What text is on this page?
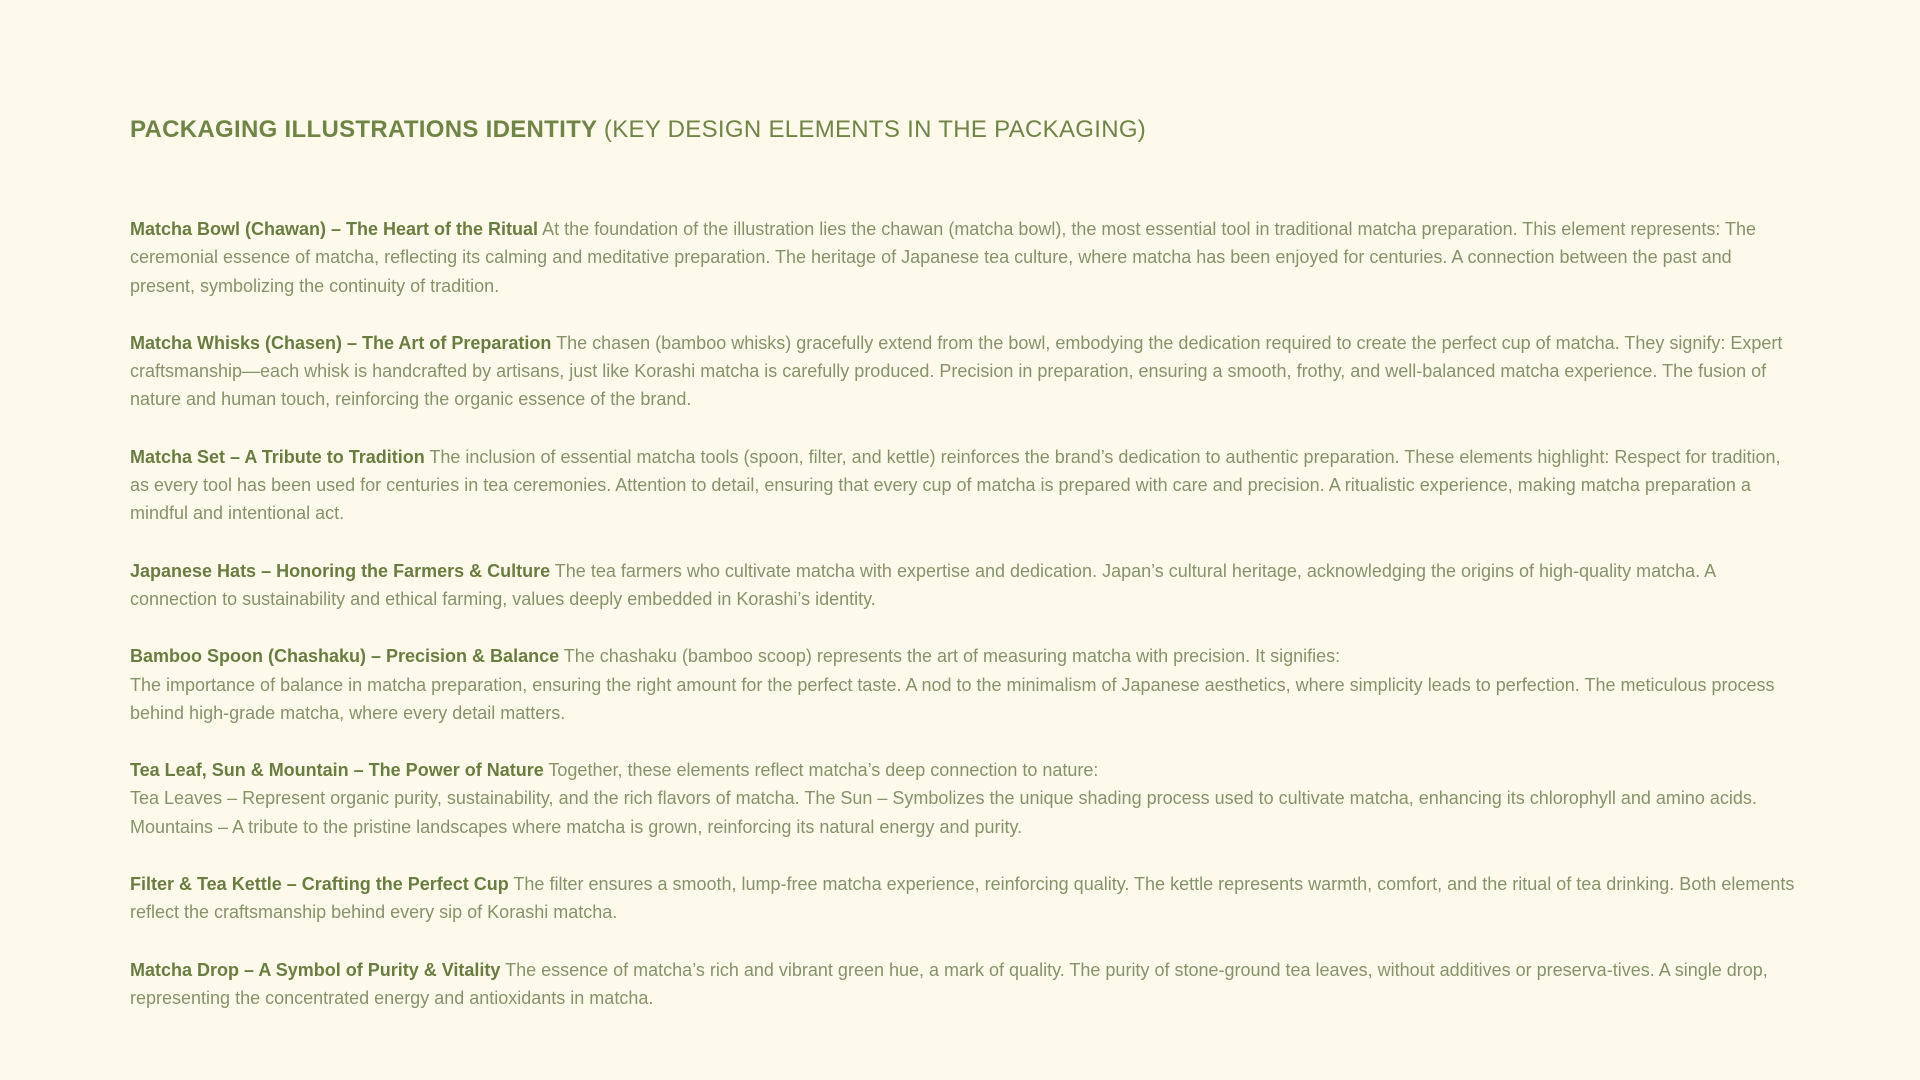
PACKAGING ILLUSTRATIONS IDENTITY (KEY DESIGN ELEMENTS IN THE PACKAGING)

Matcha Bowl (Chawan) – The Heart of the Ritual At the foundation of the illustration lies the chawan (matcha bowl), the most essential tool in traditional matcha preparation. This element represents: The ceremonial essence of matcha, reflecting its calming and meditative preparation. The heritage of Japanese tea culture, where matcha has been enjoyed for centuries. A connection between the past and present, symbolizing the continuity of tradition.

Matcha Whisks (Chasen) – The Art of Preparation The chasen (bamboo whisks) gracefully extend from the bowl, embodying the dedication required to create the perfect cup of matcha. They signify: Expert craftsmanship—each whisk is handcrafted by artisans, just like Korashi matcha is carefully produced. Precision in preparation, ensuring a smooth, frothy, and well-balanced matcha experience. The fusion of nature and human touch, reinforcing the organic essence of the brand.

Matcha Set – A Tribute to Tradition The inclusion of essential matcha tools (spoon, filter, and kettle) reinforces the brand’s dedication to authentic preparation. These elements highlight: Respect for tradition, as every tool has been used for centuries in tea ceremonies. Attention to detail, ensuring that every cup of matcha is prepared with care and precision. A ritualistic experience, making matcha preparation a mindful and intentional act.

Japanese Hats – Honoring the Farmers & Culture The tea farmers who cultivate matcha with expertise and dedication. Japan’s cultural heritage, acknowledging the origins of high-quality matcha. A connection to sustainability and ethical farming, values deeply embedded in Korashi’s identity.

Bamboo Spoon (Chashaku) – Precision & Balance The chashaku (bamboo scoop) represents the art of measuring matcha with precision. It signifies:
The importance of balance in matcha preparation, ensuring the right amount for the perfect taste. A nod to the minimalism of Japanese aesthetics, where simplicity leads to perfection. The meticulous process behind high-grade matcha, where every detail matters.

Tea Leaf, Sun & Mountain – The Power of Nature Together, these elements reflect matcha’s deep connection to nature:
Tea Leaves – Represent organic purity, sustainability, and the rich flavors of matcha. The Sun – Symbolizes the unique shading process used to cultivate matcha, enhancing its chlorophyll and amino acids. Mountains – A tribute to the pristine landscapes where matcha is grown, reinforcing its natural energy and purity.

Filter & Tea Kettle – Crafting the Perfect Cup The filter ensures a smooth, lump-free matcha experience, reinforcing quality. The kettle represents warmth, comfort, and the ritual of tea drinking. Both elements reflect the craftsmanship behind every sip of Korashi matcha.

Matcha Drop – A Symbol of Purity & Vitality The essence of matcha’s rich and vibrant green hue, a mark of quality. The purity of stone-ground tea leaves, without additives or preserva-tives. A single drop, representing the concentrated energy and antioxidants in matcha.
